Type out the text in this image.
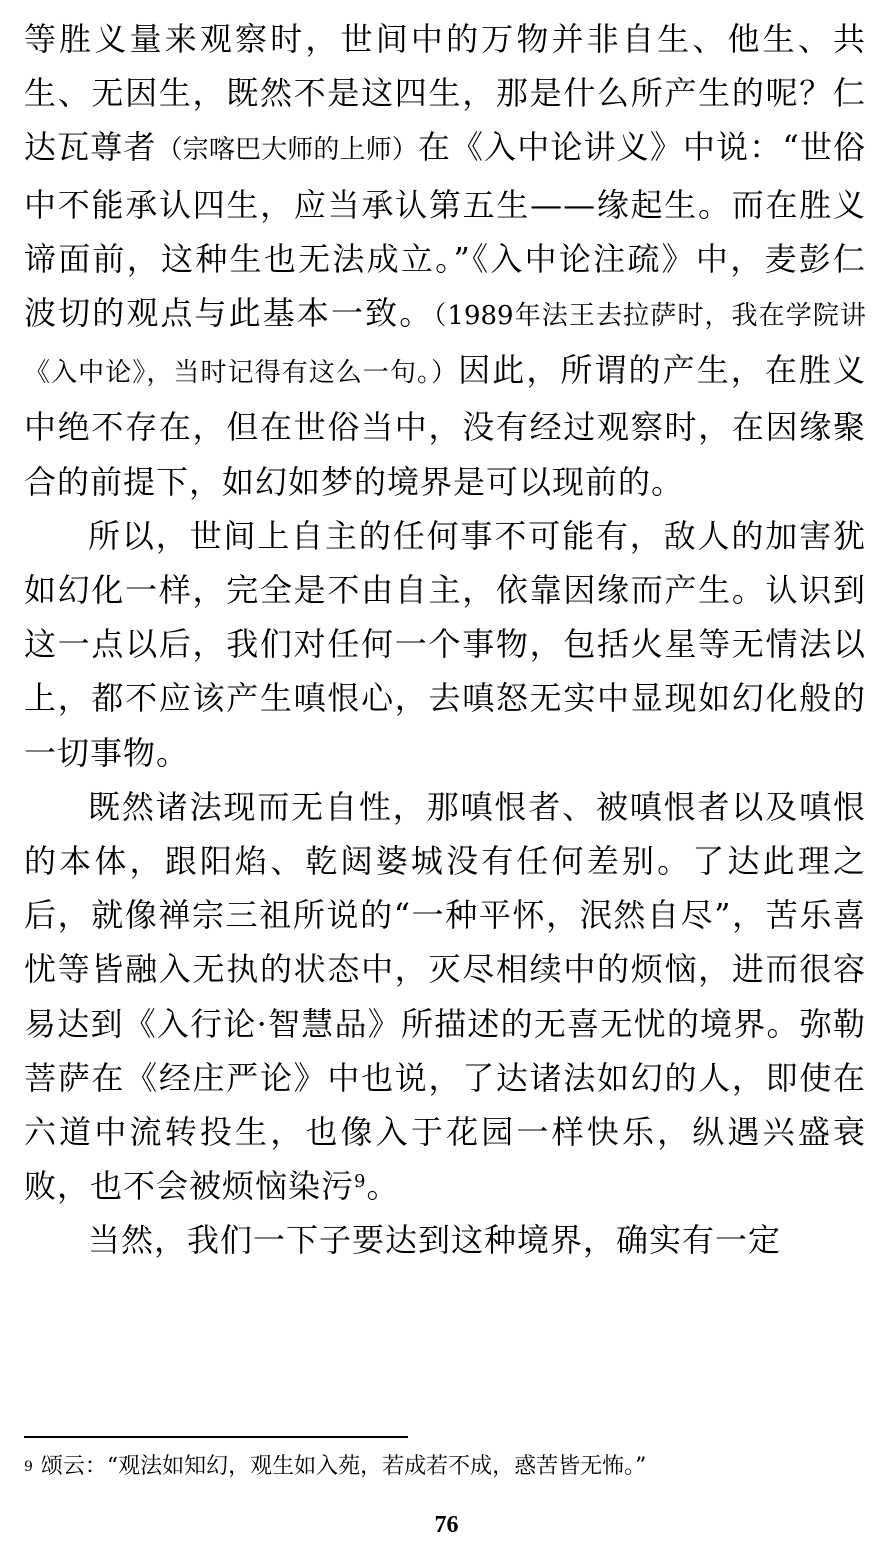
等胜义量来观察时，世间中的万物并非自生、他生、共生、无因生，既然不是这四生，那是什么所产生的呢？仁达瓦尊者（宗喀巴大师的上师）在《入中论讲义》中说：“世俗中不能承认四生，应当承认第五生——缘起生。而在胜义谛面前，这种生也无法成立。”《入中论注疏》中，麦彭仁波切的观点与此基本一致。（1989年法王去拉萨时，我在学院讲《入中论》，当时记得有这么一句。）因此，所谓的产生，在胜义中绝不存在，但在世俗当中，没有经过观察时，在因缘聚合的前提下，如幻如梦的境界是可以现前的。

所以，世间上自主的任何事不可能有，敌人的加害犹如幻化一样，完全是不由自主，依靠因缘而产生。认识到这一点以后，我们对任何一个事物，包括火星等无情法以上，都不应该产生嗔恨心，去嗔怒无实中显现如幻化般的一切事物。

既然诸法现而无自性，那嗔恨者、被嗔恨者以及嗔恨的本体，跟阳焰、乾闼婆城没有任何差别。了达此理之后，就像禅宗三祖所说的“一种平怀，泯然自尽”，苦乐喜忧等皆融入无执的状态中，灭尽相续中的烦恼，进而很容易达到《入行论·智慧品》所描述的无喜无忧的境界。弥勒菩萨在《经庄严论》中也说，了达诸法如幻的人，即使在六道中流转投生，也像入于花园一样快乐，纵遇兴盛衰败，也不会被烦恼染污$^9$。

当然，我们一下子要达到这种境界，确实有一定

$^9$ 颂云：“观法如知幻，观生如入苑，若成若不成，惑苦皆无怖。”
76
